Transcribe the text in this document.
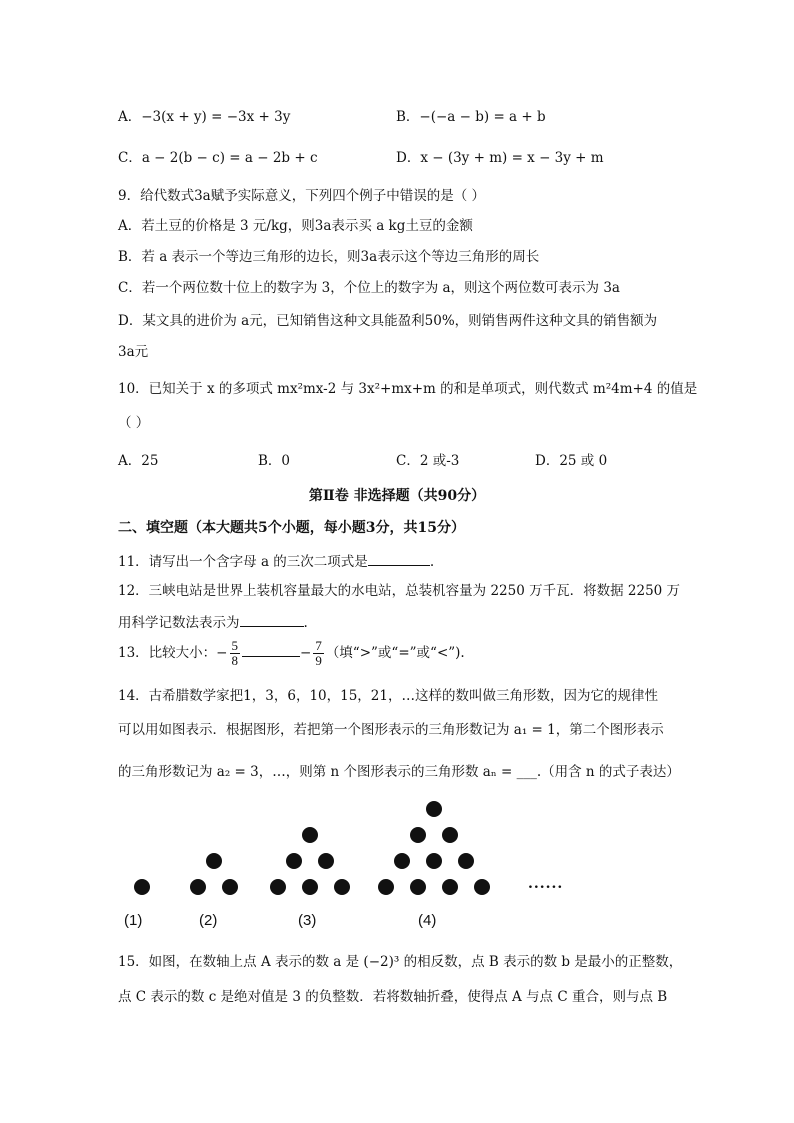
A．−3(x + y) = −3x + 3y	B．−(−a − b) = a + b
C．a − 2(b − c) = a − 2b + c	D．x − (3y + m) = x − 3y + m
9．给代数式3a赋予实际意义，下列四个例子中错误的是（ ）
A．若土豆的价格是 3 元/kg，则3a表示买 a kg土豆的金额
B．若 a 表示一个等边三角形的边长，则3a表示这个等边三角形的周长
C．若一个两位数十位上的数字为 3，个位上的数字为 a，则这个两位数可表示为 3a
D．某文具的进价为 a元，已知销售这种文具能盈利50%，则销售两件这种文具的销售额为
3a元
10．已知关于 x 的多项式 mx²mx-2 与 3x²+mx+m 的和是单项式，则代数式 m²4m+4 的值是
（ ）
A．25	B．0	C．2 或-3	D．25 或 0
第Ⅱ卷 非选择题（共90分）
二、填空题（本大题共5个小题，每小题3分，共15分）
11．请写出一个含字母 a 的三次二项式是	.
12．三峡电站是世界上装机容量最大的水电站，总装机容量为 2250 万千瓦．将数据 2250 万
用科学记数法表示为	.
13．比较大小：− $\frac{5}{8}$	− $\frac{7}{9}$ （填“>”或“=”或“<”).
14．古希腊数学家把1，3，6，10，15，21，…这样的数叫做三角形数，因为它的规律性
可以用如图表示．根据图形，若把第一个图形表示的三角形数记为 a₁ = 1，第二个图形表示
的三角形数记为 a₂ = 3，…，则第 n 个图形表示的三角形数 aₙ = ___.（用含 n 的式子表达）
......
(1)	(2)	(3)	(4)
15．如图，在数轴上点 A 表示的数 a 是 (−2)³ 的相反数，点 B 表示的数 b 是最小的正整数，
点 C 表示的数 c 是绝对值是 3 的负整数．若将数轴折叠，使得点 A 与点 C 重合，则与点 B
